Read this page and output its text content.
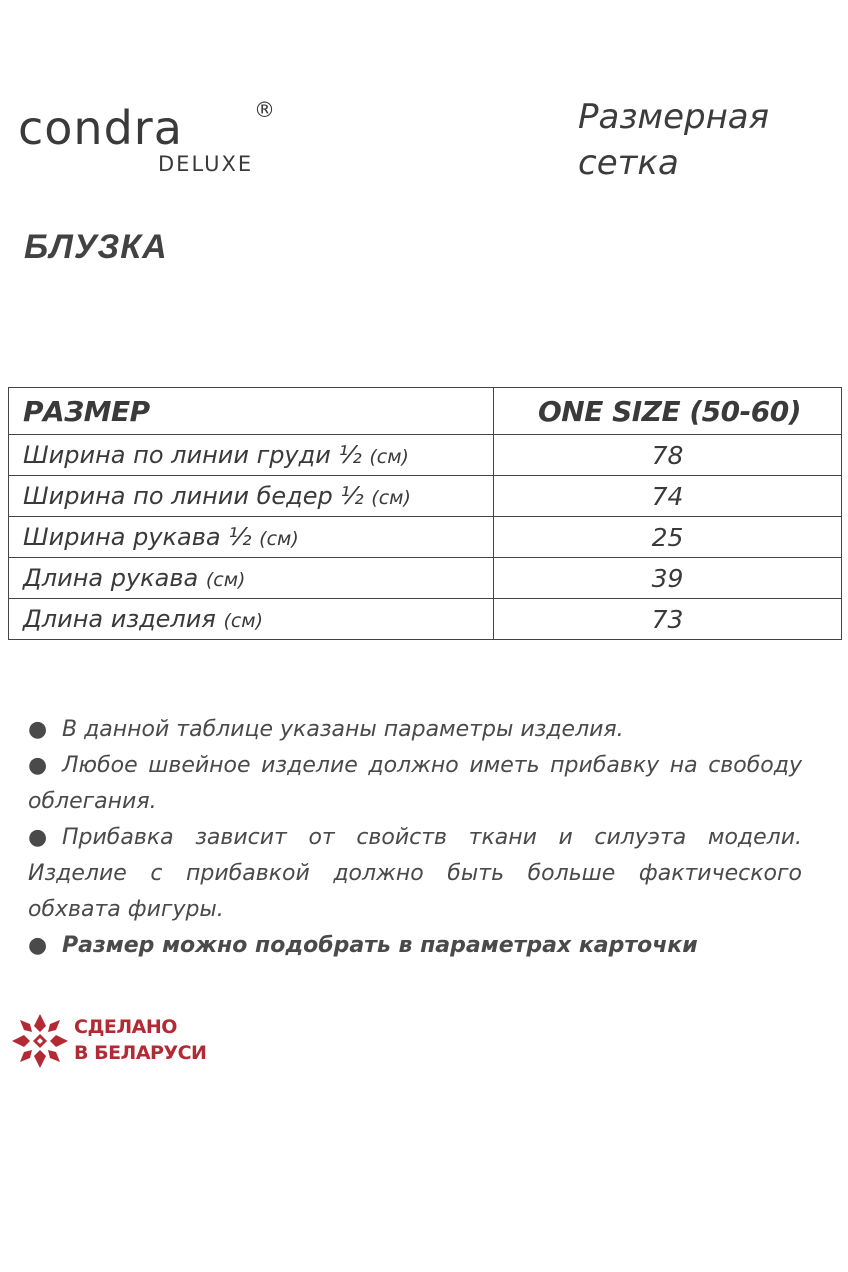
condra	®
DELUXE
Размерная
сетка
БЛУЗКА
РАЗМЕР	ONE SIZE (50-60)
Ширина по линии груди ½ (см)	78
Ширина по линии бедер ½ (см)	74
Ширина рукава ½ (см)	25
Длина рукава (см)	39
Длина изделия (см)	73

● В данной таблице указаны параметры изделия.

● Любое швейное изделие должно иметь прибавку на свободу облегания.

● Прибавка зависит от свойств ткани и силуэта модели. Изделие с прибавкой должно быть больше фактического обхвата фигуры.

● Размер можно подобрать в параметрах карточки

СДЕЛАНО
В БЕЛАРУСИ
